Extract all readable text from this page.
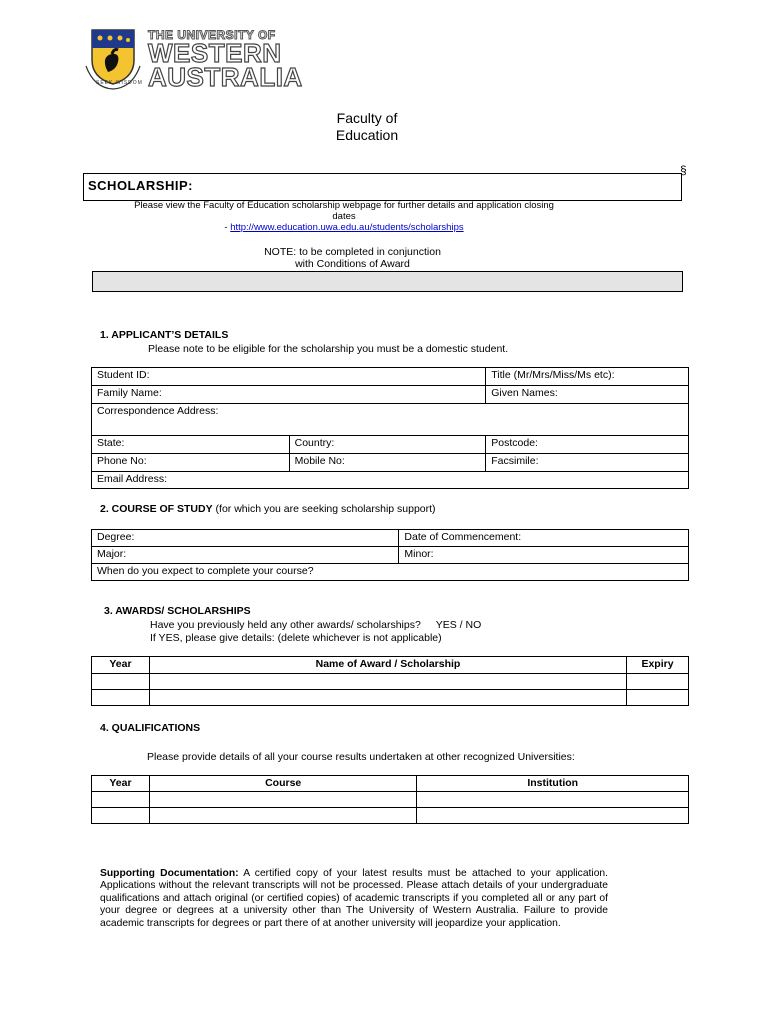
SEEK WISDOM
THE UNIVERSITY OF
WESTERN
AUSTRALIA
Faculty of
Education
§
SCHOLARSHIP:
Please view the Faculty of Education scholarship webpage for further details and application closing
dates
- http://www.education.uwa.edu.au/students/scholarships
NOTE: to be completed in conjunction
with Conditions of Award
1. APPLICANT’S DETAILS
Please note to be eligible for the scholarship you must be a domestic student.
Student ID:		Title (Mr/Mrs/Miss/Ms etc):
Family Name:		Given Names:
Correspondence Address:		
State:	Country:	Postcode:
Phone No:	Mobile No:	Facsimile:
Email Address:		
2. COURSE OF STUDY (for which you are seeking scholarship support)
Degree:	Date of Commencement:
Major:	Minor:
When do you expect to complete your course?	
3. AWARDS/ SCHOLARSHIPS
Have you previously held any other awards/ scholarships? YES / NO
If YES, please give details: (delete whichever is not applicable)
Year	Name of Award / Scholarship	Expiry

4. QUALIFICATIONS
Please provide details of all your course results undertaken at other recognized Universities:
Year	Course	Institution

Supporting Documentation: A certified copy of your latest results must be attached to your application. Applications without the relevant transcripts will not be processed. Please attach details of your undergraduate qualifications and attach original (or certified copies) of academic transcripts if you completed all or any part of your degree or degrees at a university other than The University of Western Australia. Failure to provide academic transcripts for degrees or part there of at another university will jeopardize your application.
